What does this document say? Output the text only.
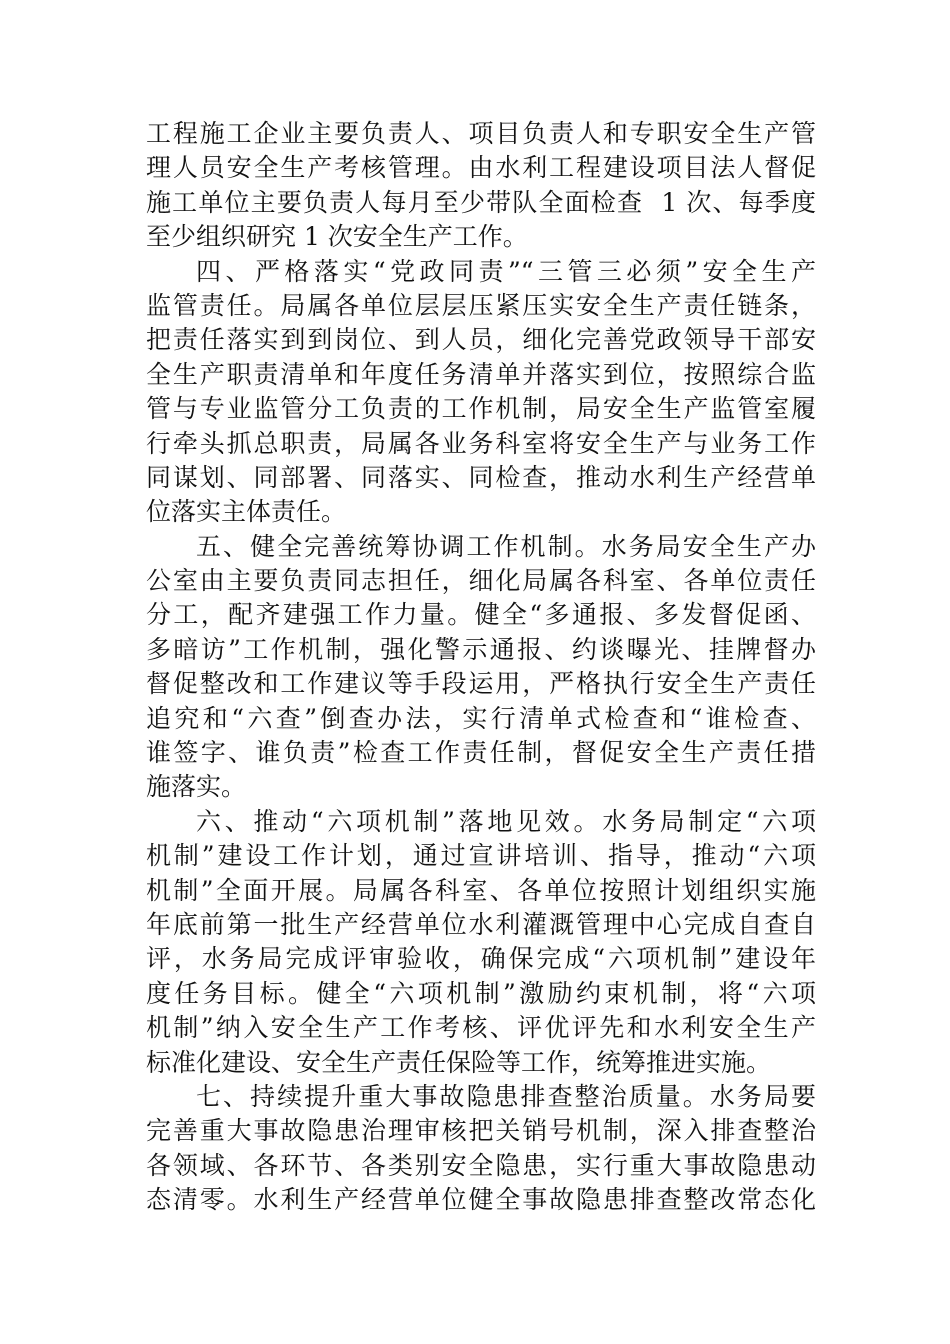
工程施工企业主要负责人、项目负责人和专职安全生产管
理人员安全生产考核管理。由水利工程建设项目法人督促
施工单位主要负责人每月至少带队全面检查  1 次、每季度
至少组织研究 1 次安全生产工作。
四、严格落实“党政同责”“三管三必须”安全生产
监管责任。局属各单位层层压紧压实安全生产责任链条，
把责任落实到到岗位、到人员，细化完善党政领导干部安
全生产职责清单和年度任务清单并落实到位，按照综合监
管与专业监管分工负责的工作机制，局安全生产监管室履
行牵头抓总职责，局属各业务科室将安全生产与业务工作
同谋划、同部署、同落实、同检查，推动水利生产经营单
位落实主体责任。
五、健全完善统筹协调工作机制。水务局安全生产办
公室由主要负责同志担任，细化局属各科室、各单位责任
分工，配齐建强工作力量。健全“多通报、多发督促函、
多暗访”工作机制，强化警示通报、约谈曝光、挂牌督办
督促整改和工作建议等手段运用，严格执行安全生产责任
追究和“六查”倒查办法，实行清单式检查和“谁检查、
谁签字、谁负责”检查工作责任制，督促安全生产责任措
施落实。
六、推动“六项机制”落地见效。水务局制定“六项
机制”建设工作计划，通过宣讲培训、指导，推动“六项
机制”全面开展。局属各科室、各单位按照计划组织实施
年底前第一批生产经营单位水利灌溉管理中心完成自查自
评，水务局完成评审验收，确保完成“六项机制”建设年
度任务目标。健全“六项机制”激励约束机制，将“六项
机制”纳入安全生产工作考核、评优评先和水利安全生产
标准化建设、安全生产责任保险等工作，统筹推进实施。
七、持续提升重大事故隐患排查整治质量。水务局要
完善重大事故隐患治理审核把关销号机制，深入排查整治
各领域、各环节、各类别安全隐患，实行重大事故隐患动
态清零。水利生产经营单位健全事故隐患排查整改常态化
